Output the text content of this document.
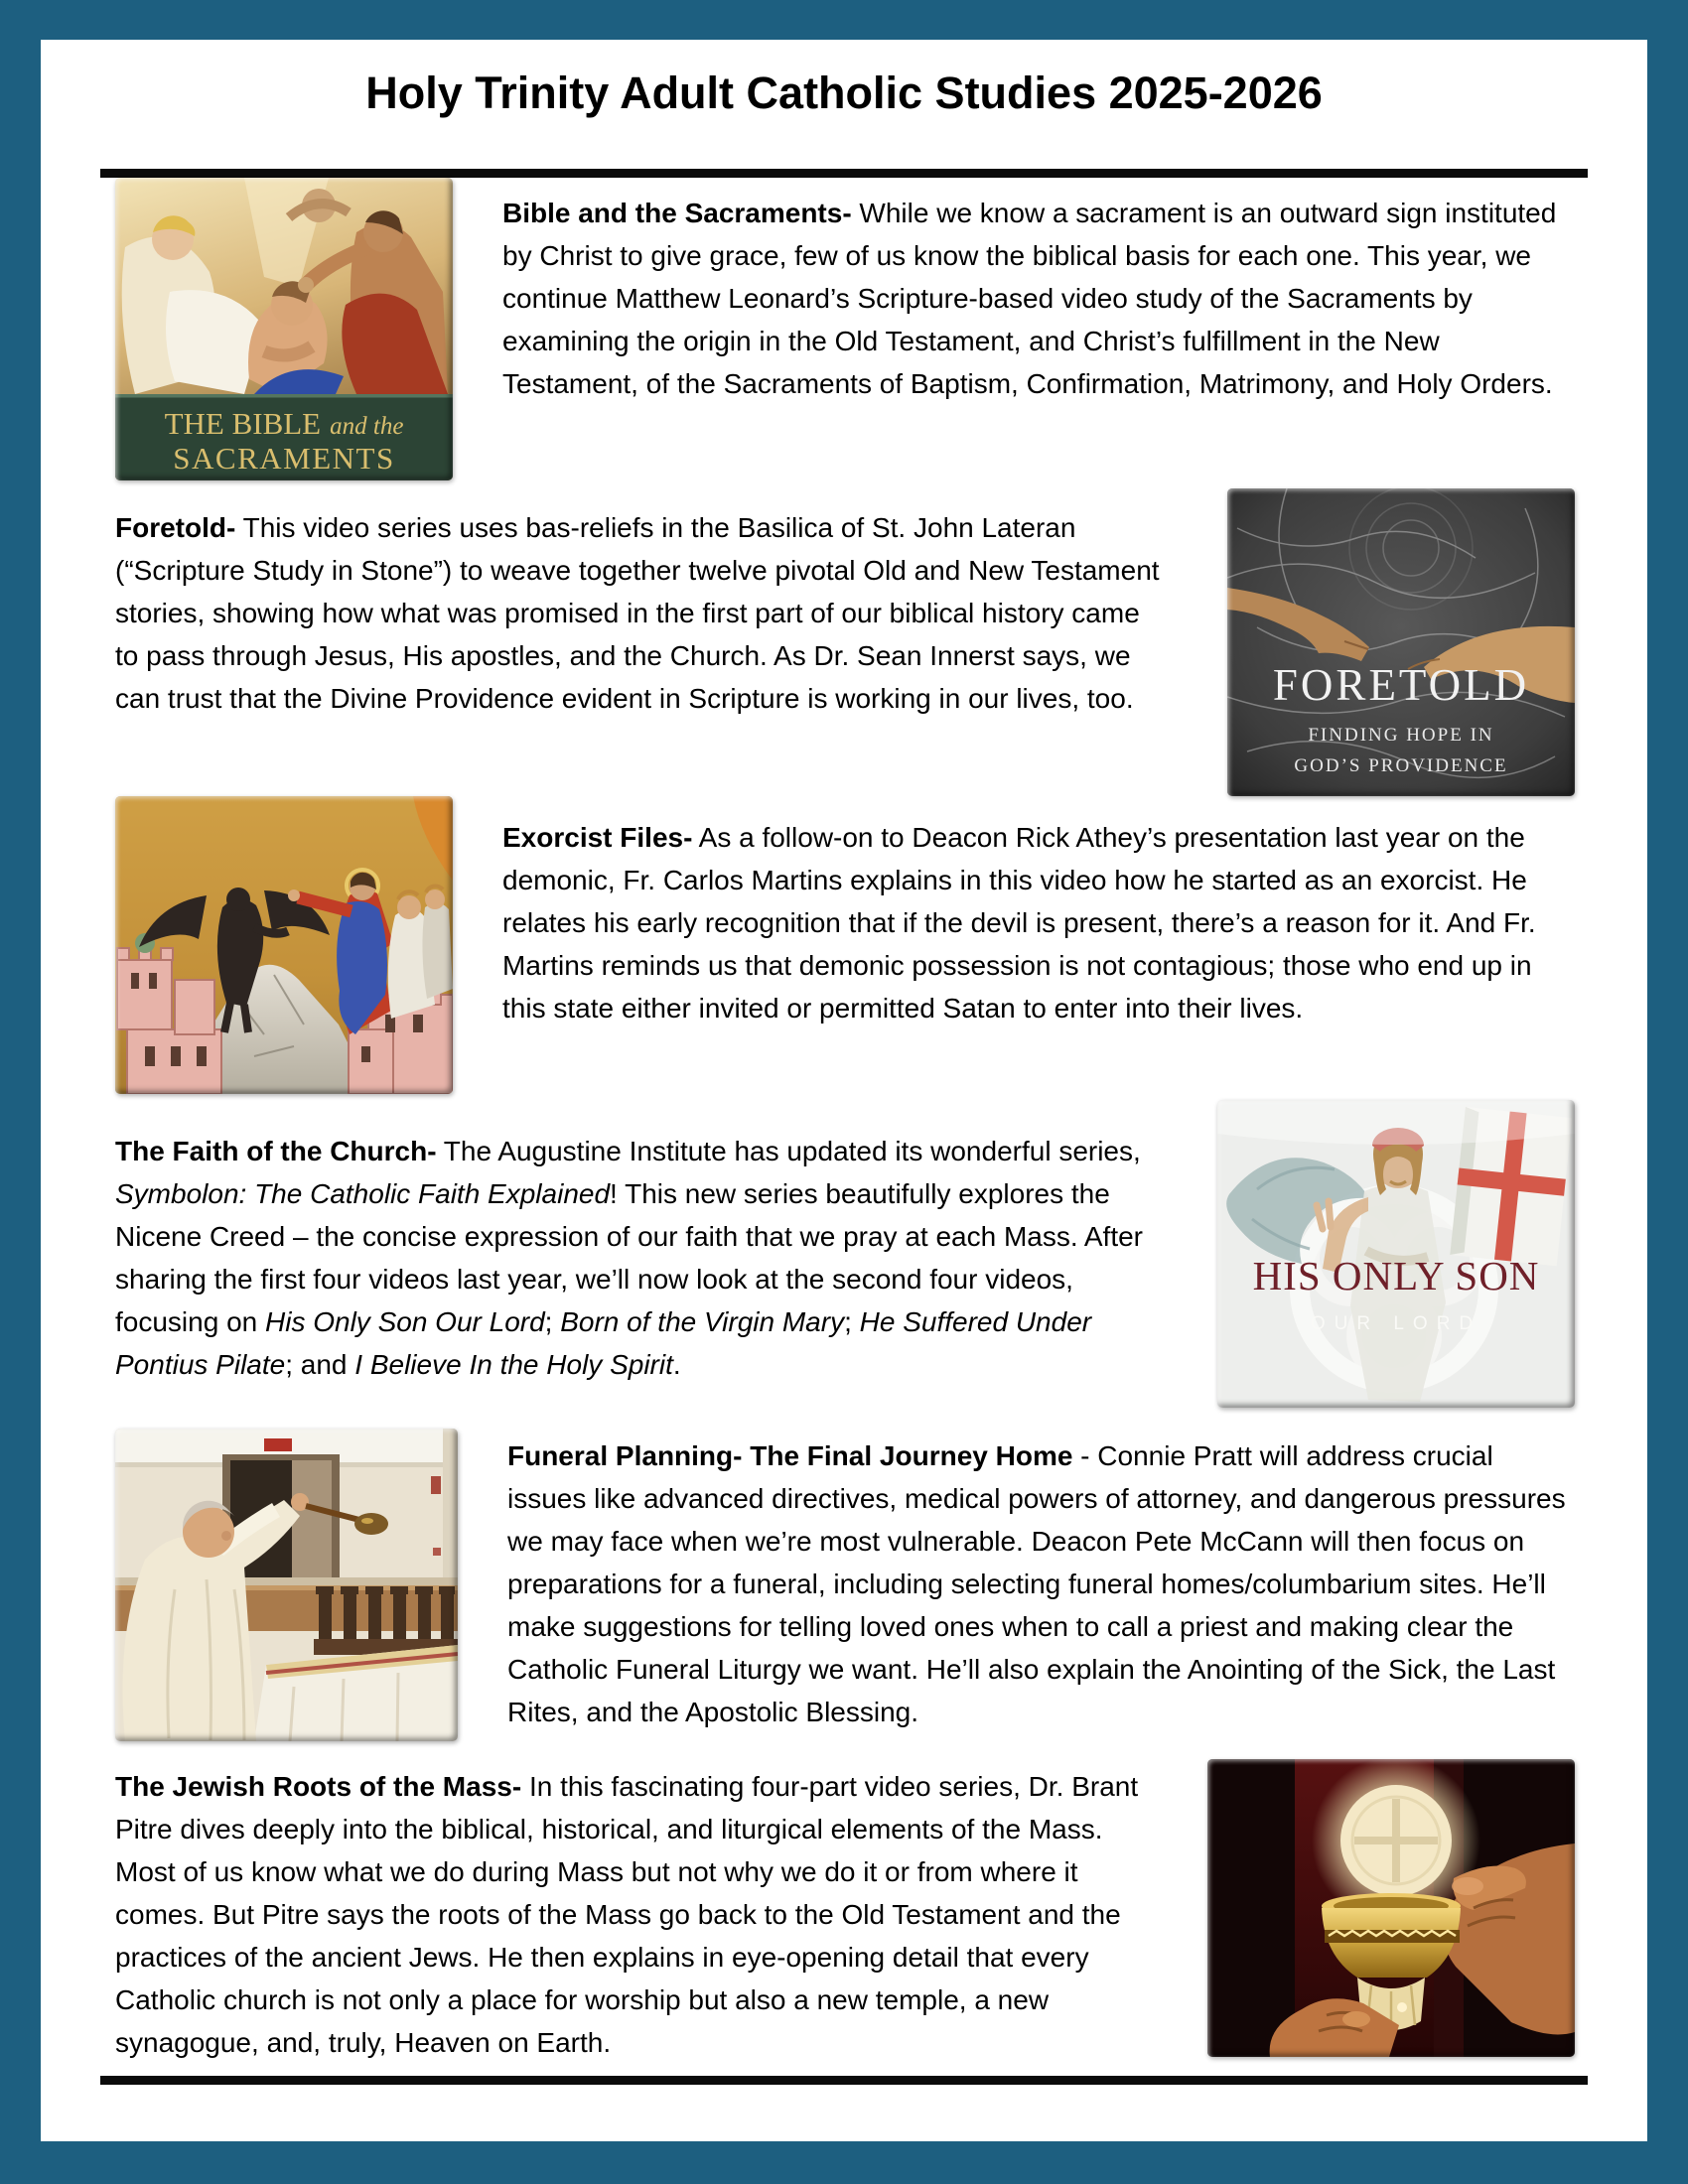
Holy Trinity Adult Catholic Studies 2025-2026
THE BIBLE and the
SACRAMENTS

Bible and the Sacraments- While we know a sacrament is an outward sign instituted by Christ to give grace, few of us know the biblical basis for each one. This year, we continue Matthew Leonard’s Scripture-based video study of the Sacraments by examining the origin in the Old Testament, and Christ’s fulfillment in the New Testament, of the Sacraments of Baptism, Confirmation, Matrimony, and Holy Orders.

Foretold- This video series uses bas-reliefs in the Basilica of St. John Lateran (“Scripture Study in Stone”) to weave together twelve pivotal Old and New Testament stories, showing how what was promised in the first part of our biblical history came to pass through Jesus, His apostles, and the Church. As Dr. Sean Innerst says, we can trust that the Divine Providence evident in Scripture is working in our lives, too.	FORETOLD
FINDING HOPE IN
GOD’S PROVIDENCE

Exorcist Files- As a follow-on to Deacon Rick Athey’s presentation last year on the demonic, Fr. Carlos Martins explains in this video how he started as an exorcist. He relates his early recognition that if the devil is present, there’s a reason for it. And Fr. Martins reminds us that demonic possession is not contagious; those who end up in this state either invited or permitted Satan to enter into their lives.

The Faith of the Church- The Augustine Institute has updated its wonderful series, Symbolon: The Catholic Faith Explained! This new series beautifully explores the Nicene Creed – the concise expression of our faith that we pray at each Mass. After sharing the first four videos last year, we’ll now look at the second four videos, focusing on His Only Son Our Lord; Born of the Virgin Mary; He Suffered Under Pontius Pilate; and I Believe In the Holy Spirit.

HIS ONLY SON
OUR LORD

Funeral Planning- The Final Journey Home - Connie Pratt will address crucial issues like advanced directives, medical powers of attorney, and dangerous pressures we may face when we’re most vulnerable. Deacon Pete McCann will then focus on preparations for a funeral, including selecting funeral homes/columbarium sites. He’ll make suggestions for telling loved ones when to call a priest and making clear the Catholic Funeral Liturgy we want. He’ll also explain the Anointing of the Sick, the Last Rites, and the Apostolic Blessing.

The Jewish Roots of the Mass- In this fascinating four-part video series, Dr. Brant Pitre dives deeply into the biblical, historical, and liturgical elements of the Mass. Most of us know what we do during Mass but not why we do it or from where it comes. But Pitre says the roots of the Mass go back to the Old Testament and the practices of the ancient Jews. He then explains in eye-opening detail that every Catholic church is not only a place for worship but also a new temple, a new synagogue, and, truly, Heaven on Earth.
